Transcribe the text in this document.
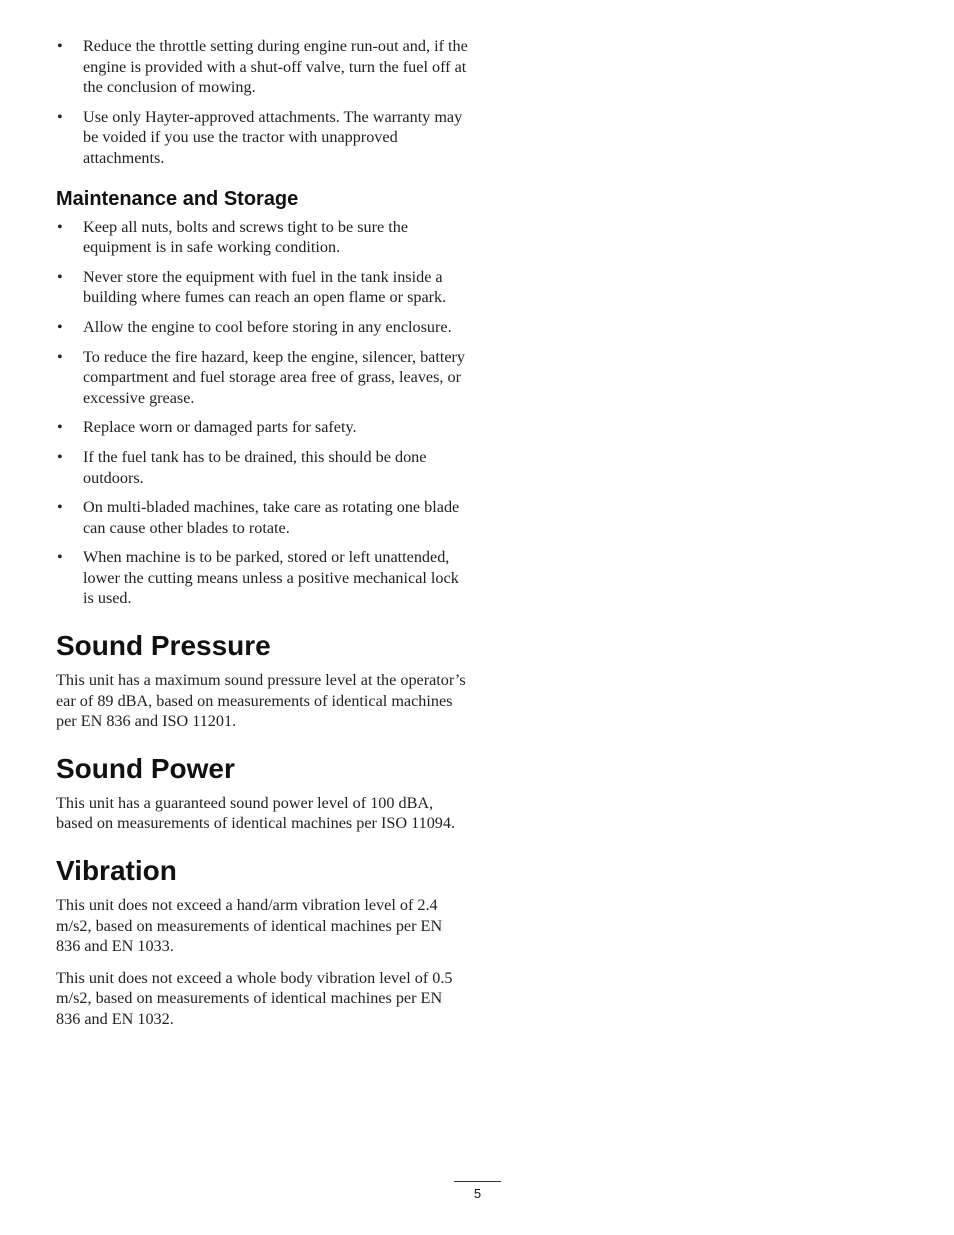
• Reduce the throttle setting during engine run-out and, if the engine is provided with a shut-off valve, turn the fuel off at the conclusion of mowing.
• Use only Hayter-approved attachments. The warranty may be voided if you use the tractor with unapproved attachments.
Maintenance and Storage
• Keep all nuts, bolts and screws tight to be sure the equipment is in safe working condition.
• Never store the equipment with fuel in the tank inside a building where fumes can reach an open flame or spark.
• Allow the engine to cool before storing in any enclosure.
• To reduce the fire hazard, keep the engine, silencer, battery compartment and fuel storage area free of grass, leaves, or excessive grease.
• Replace worn or damaged parts for safety.
• If the fuel tank has to be drained, this should be done outdoors.
• On multi-bladed machines, take care as rotating one blade can cause other blades to rotate.
• When machine is to be parked, stored or left unattended, lower the cutting means unless a positive mechanical lock is used.
Sound Pressure

This unit has a maximum sound pressure level at the operator’s ear of 89 dBA, based on measurements of identical machines per EN 836 and ISO 11201.

Sound Power

This unit has a guaranteed sound power level of 100 dBA, based on measurements of identical machines per ISO 11094.

Vibration

This unit does not exceed a hand/arm vibration level of 2.4 m/s2, based on measurements of identical machines per EN 836 and EN 1033.

This unit does not exceed a whole body vibration level of 0.5 m/s2, based on measurements of identical machines per EN 836 and EN 1032.

5
